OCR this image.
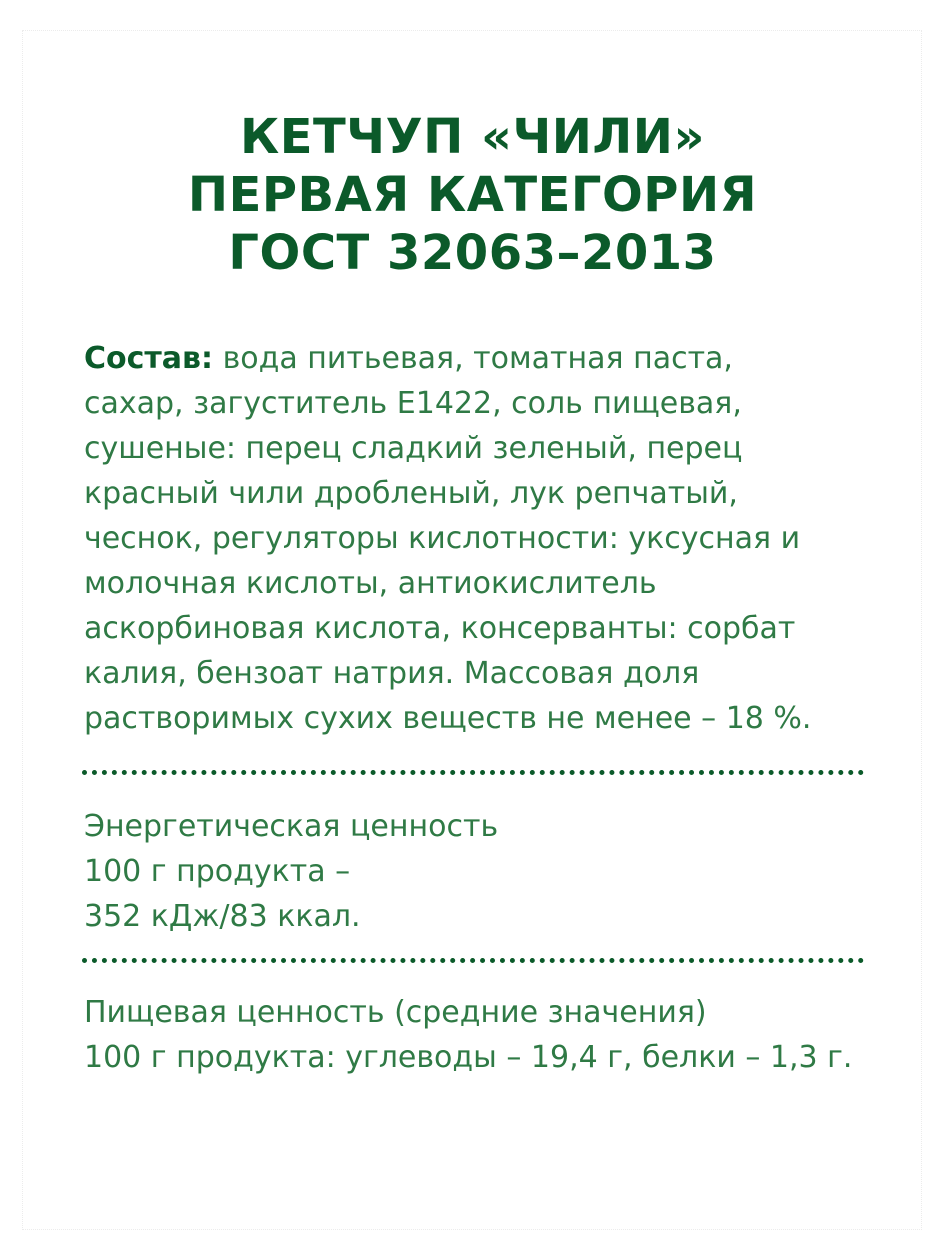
КЕТЧУП «ЧИЛИ»
ПЕРВАЯ КАТЕГОРИЯ
ГОСТ 32063–2013

Состав: вода питьевая, томатная паста,
сахар, загуститель Е1422, соль пищевая,
сушеные: перец сладкий зеленый, перец
красный чили дробленый, лук репчатый,
чеснок, регуляторы кислотности: уксусная и
молочная кислоты, антиокислитель
аскорбиновая кислота, консерванты: сорбат
калия, бензоат натрия. Массовая доля
растворимых сухих веществ не менее – 18 %.

Энергетическая ценность
100 г продукта –
352 кДж/83 ккал.
Пищевая ценность (средние значения)
100 г продукта: углеводы – 19,4 г, белки – 1,3 г.
